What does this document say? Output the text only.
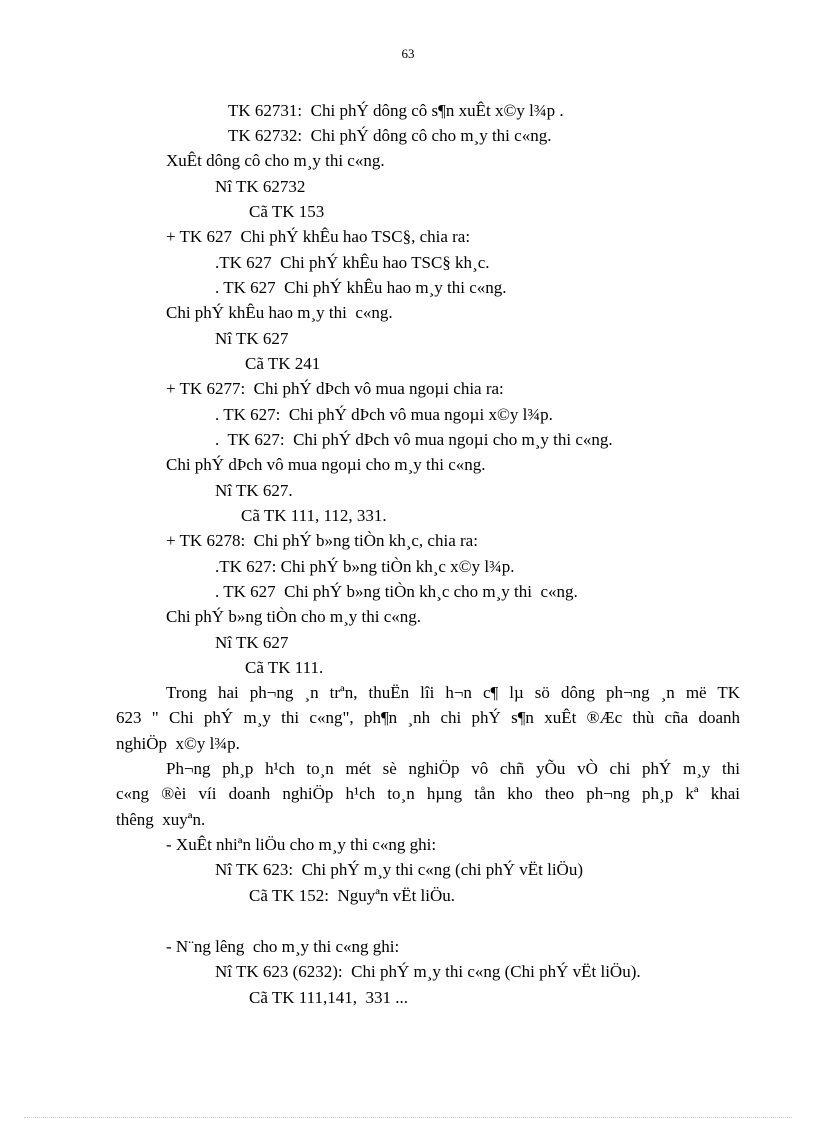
63
TK 62731:  Chi phÝ dông cô s¶n xuÊt x©y l¾p .
TK 62732:  Chi phÝ dông cô cho m¸y thi c«ng.
XuÊt dông cô cho m¸y thi c«ng.
Nî TK 62732
Cã TK 153
+ TK 627  Chi phÝ khÊu hao TSC§, chia ra:
.TK 627  Chi phÝ khÊu hao TSC§ kh¸c.
. TK 627  Chi phÝ khÊu hao m¸y thi c«ng.
Chi phÝ khÊu hao m¸y thi  c«ng.
Nî TK 627
Cã TK 241
+ TK 6277:  Chi phÝ dÞch vô mua ngoµi chia ra:
. TK 627:  Chi phÝ dÞch vô mua ngoµi x©y l¾p.
.  TK 627:  Chi phÝ dÞch vô mua ngoµi cho m¸y thi c«ng.
Chi phÝ dÞch vô mua ngoµi cho m¸y thi c«ng.
Nî TK 627.
Cã TK 111, 112, 331.
+ TK 6278:  Chi phÝ b»ng tiÒn kh¸c, chia ra:
.TK 627: Chi phÝ b»ng tiÒn kh¸c x©y l¾p.
. TK 627  Chi phÝ b»ng tiÒn kh¸c cho m¸y thi  c«ng.
Chi phÝ b»ng tiÒn cho m¸y thi c«ng.
Nî TK 627
Cã TK 111.
Trong hai ph¬ng ¸n trªn, thuËn lîi h¬n c¶ lµ sö dông ph¬ng ¸n më TK
623 " Chi phÝ m¸y thi c«ng", ph¶n ¸nh chi phÝ s¶n xuÊt ®Æc thù cña doanh
nghiÖp  x©y l¾p.
Ph¬ng ph¸p h¹ch to¸n mét sè nghiÖp vô chñ yÕu vÒ chi phÝ m¸y thi
c«ng ®èi víi doanh nghiÖp h¹ch to¸n hµng tån kho theo ph¬ng ph¸p kª khai
thêng  xuyªn.
- XuÊt nhiªn liÖu cho m¸y thi c«ng ghi:
Nî TK 623:  Chi phÝ m¸y thi c«ng (chi phÝ vËt liÖu)
Cã TK 152:  Nguyªn vËt liÖu.
- N¨ng lêng  cho m¸y thi c«ng ghi:
Nî TK 623 (6232):  Chi phÝ m¸y thi c«ng (Chi phÝ vËt liÖu).
Cã TK 111,141,  331 ...
